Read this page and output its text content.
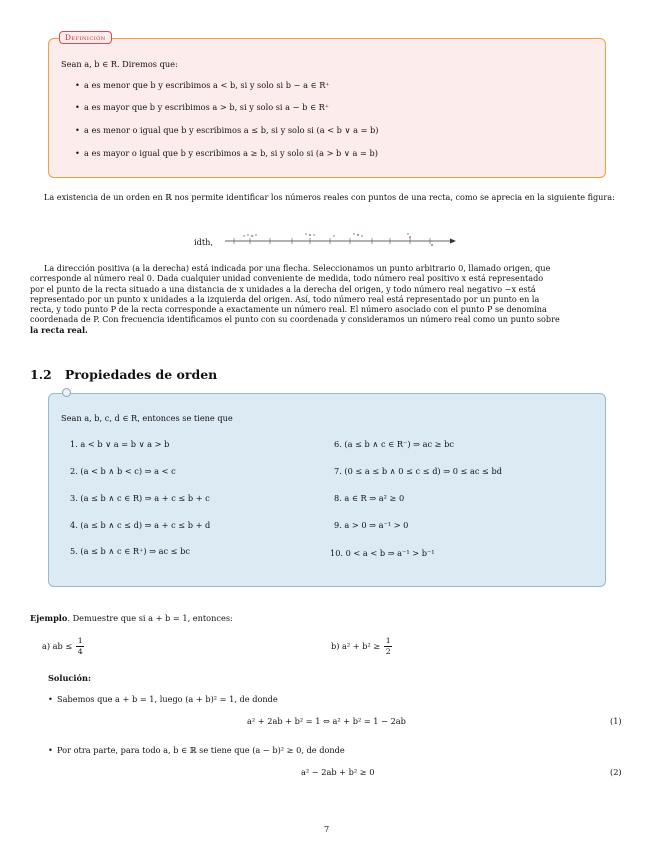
Definición
Sean a, b ∈ R. Diremos que:
• a es menor que b y escribimos a < b, si y solo si b − a ∈ R⁺
• a es mayor que b y escribimos a > b, si y solo si a − b ∈ R⁺
• a es menor o igual que b y escribimos a ≤ b, si y solo si (a < b ∨ a = b)
• a es mayor o igual que b y escribimos a ≥ b, si y solo si (a > b ∨ a = b)
La existencia de un orden en ℝ nos permite identificar los números reales con puntos de una recta, como se aprecia en la siguiente figura:
idth,
La dirección positiva (a la derecha) está indicada por una flecha. Seleccionamos un punto arbitrario 0, llamado origen, que
corresponde al número real 0. Dada cualquier unidad conveniente de medida, todo número real positivo x está representado
por el punto de la recta situado a una distancia de x unidades a la derecha del origen, y todo número real negativo −x está
representado por un punto x unidades a la izquierda del origen. Así, todo número real está representado por un punto en la
recta, y todo punto P de la recta corresponde a exactamente un número real. El número asociado con el punto P se denomina
coordenada de P. Con frecuencia identificamos el punto con su coordenada y consideramos un número real como un punto sobre
la recta real.
1.2 Propiedades de orden
Sean a, b, c, d ∈ R, entonces se tiene que
1. a < b ∨ a = b ∨ a > b
2. (a < b ∧ b < c) ⇒ a < c
3. (a ≤ b ∧ c ∈ R) ⇒ a + c ≤ b + c
4. (a ≤ b ∧ c ≤ d) ⇒ a + c ≤ b + d
5. (a ≤ b ∧ c ∈ R⁺) ⇒ ac ≤ bc
6. (a ≤ b ∧ c ∈ R⁻) ⇒ ac ≥ bc
7. (0 ≤ a ≤ b ∧ 0 ≤ c ≤ d) ⇒ 0 ≤ ac ≤ bd
8. a ∈ R ⇒ a² ≥ 0
9. a > 0 ⇒ a⁻¹ > 0
10. 0 < a < b ⇒ a⁻¹ > b⁻¹
Ejemplo. Demuestre que si a + b = 1, entonces:
a) ab ≤
1
4
b) a² + b² ≥
1
2
Solución:
• Sabemos que a + b = 1, luego (a + b)² = 1, de donde
a² + 2ab + b² = 1 ⇔ a² + b² = 1 − 2ab	(1)
• Por otra parte, para todo a, b ∈ ℝ se tiene que (a − b)² ≥ 0, de donde
a² − 2ab + b² ≥ 0	(2)
7
